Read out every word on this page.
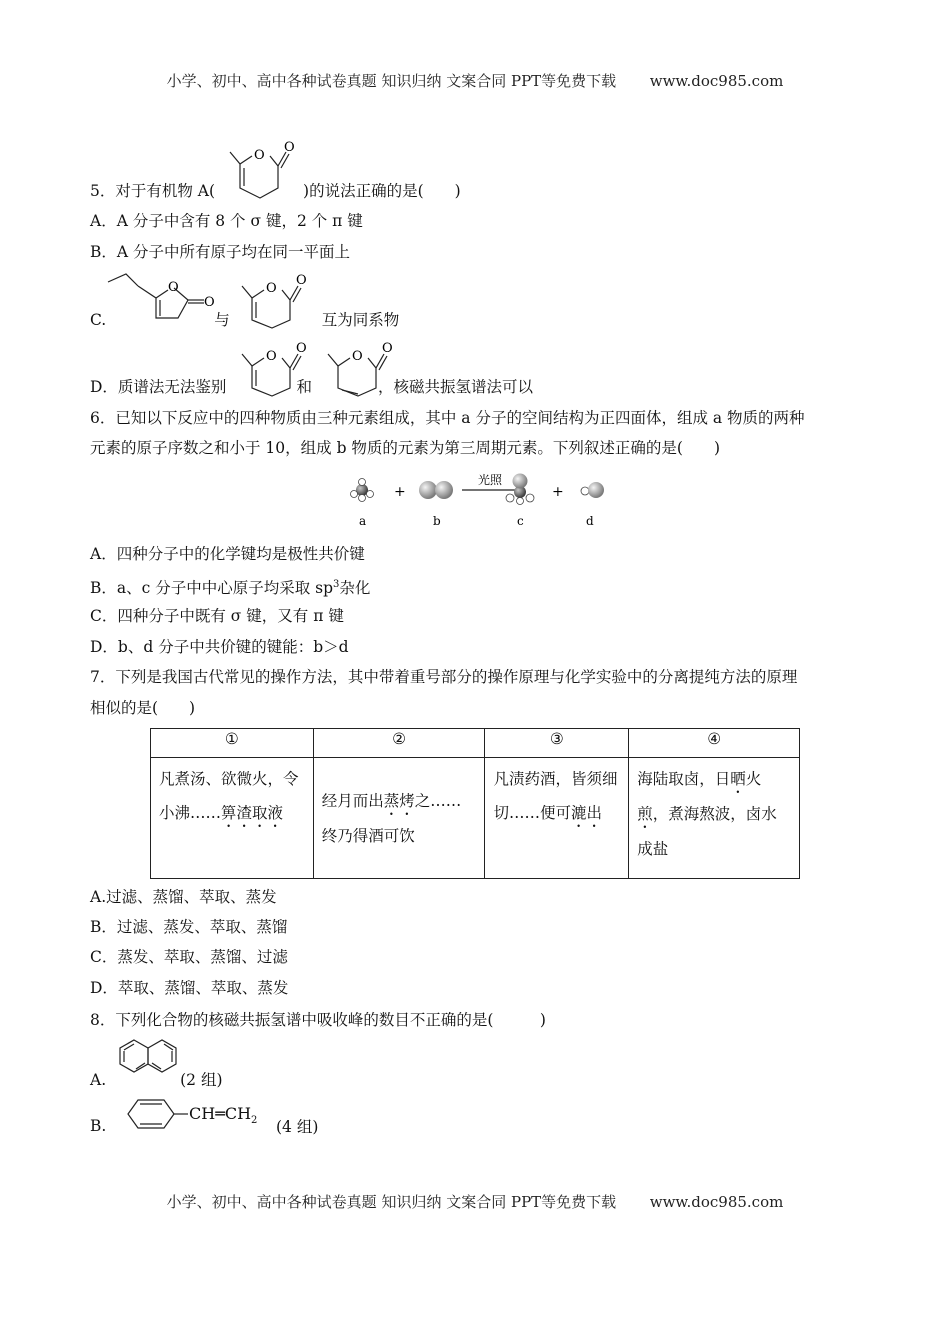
小学、初中、高中各种试卷真题 知识归纳 文案合同 PPT等免费下载 www.doc985.com
5．对于有机物 A(	)的说法正确的是(　　)
O
O
A．A 分子中含有 8 个 σ 键，2 个 π 键
B．A 分子中所有原子均在同一平面上
C.	与	互为同系物
O
O
O
O
D．质谱法无法鉴别	和	，核磁共振氢谱法可以
O
O
O
O
6．已知以下反应中的四种物质由三种元素组成，其中 a 分子的空间结构为正四面体，组成 a 物质的两种
元素的原子序数之和小于 10，组成 b 物质的元素为第三周期元素。下列叙述正确的是(　　)
+
光照
+
a	b	c	d
A．四种分子中的化学键均是极性共价键
B．a、c 分子中中心原子均采取 $sp^3$杂化
C．四种分子中既有 σ 键，又有 π 键
D．b、d 分子中共价键的键能：b＞d
7．下列是我国古代常见的操作方法，其中带着重号部分的操作原理与化学实验中的分离提纯方法的原理
相似的是(　　)
①	②	③	④
凡煮汤、欲微火，令小沸……箅渣取液	经月而出蒸烤之……终乃得酒可饮	凡渍药酒，皆须细切……便可漉出	海陆取卤，日晒火煎，煮海熬波，卤水成盐
A.过滤、蒸馏、萃取、蒸发
B．过滤、蒸发、萃取、蒸馏
C．蒸发、萃取、蒸馏、过滤
D．萃取、蒸馏、萃取、蒸发
8．下列化合物的核磁共振氢谱中吸收峰的数目不正确的是(　　　)
A.	(2 组)
B.
$CH═CH_2$ (4 组)
小学、初中、高中各种试卷真题 知识归纳 文案合同 PPT等免费下载 www.doc985.com
